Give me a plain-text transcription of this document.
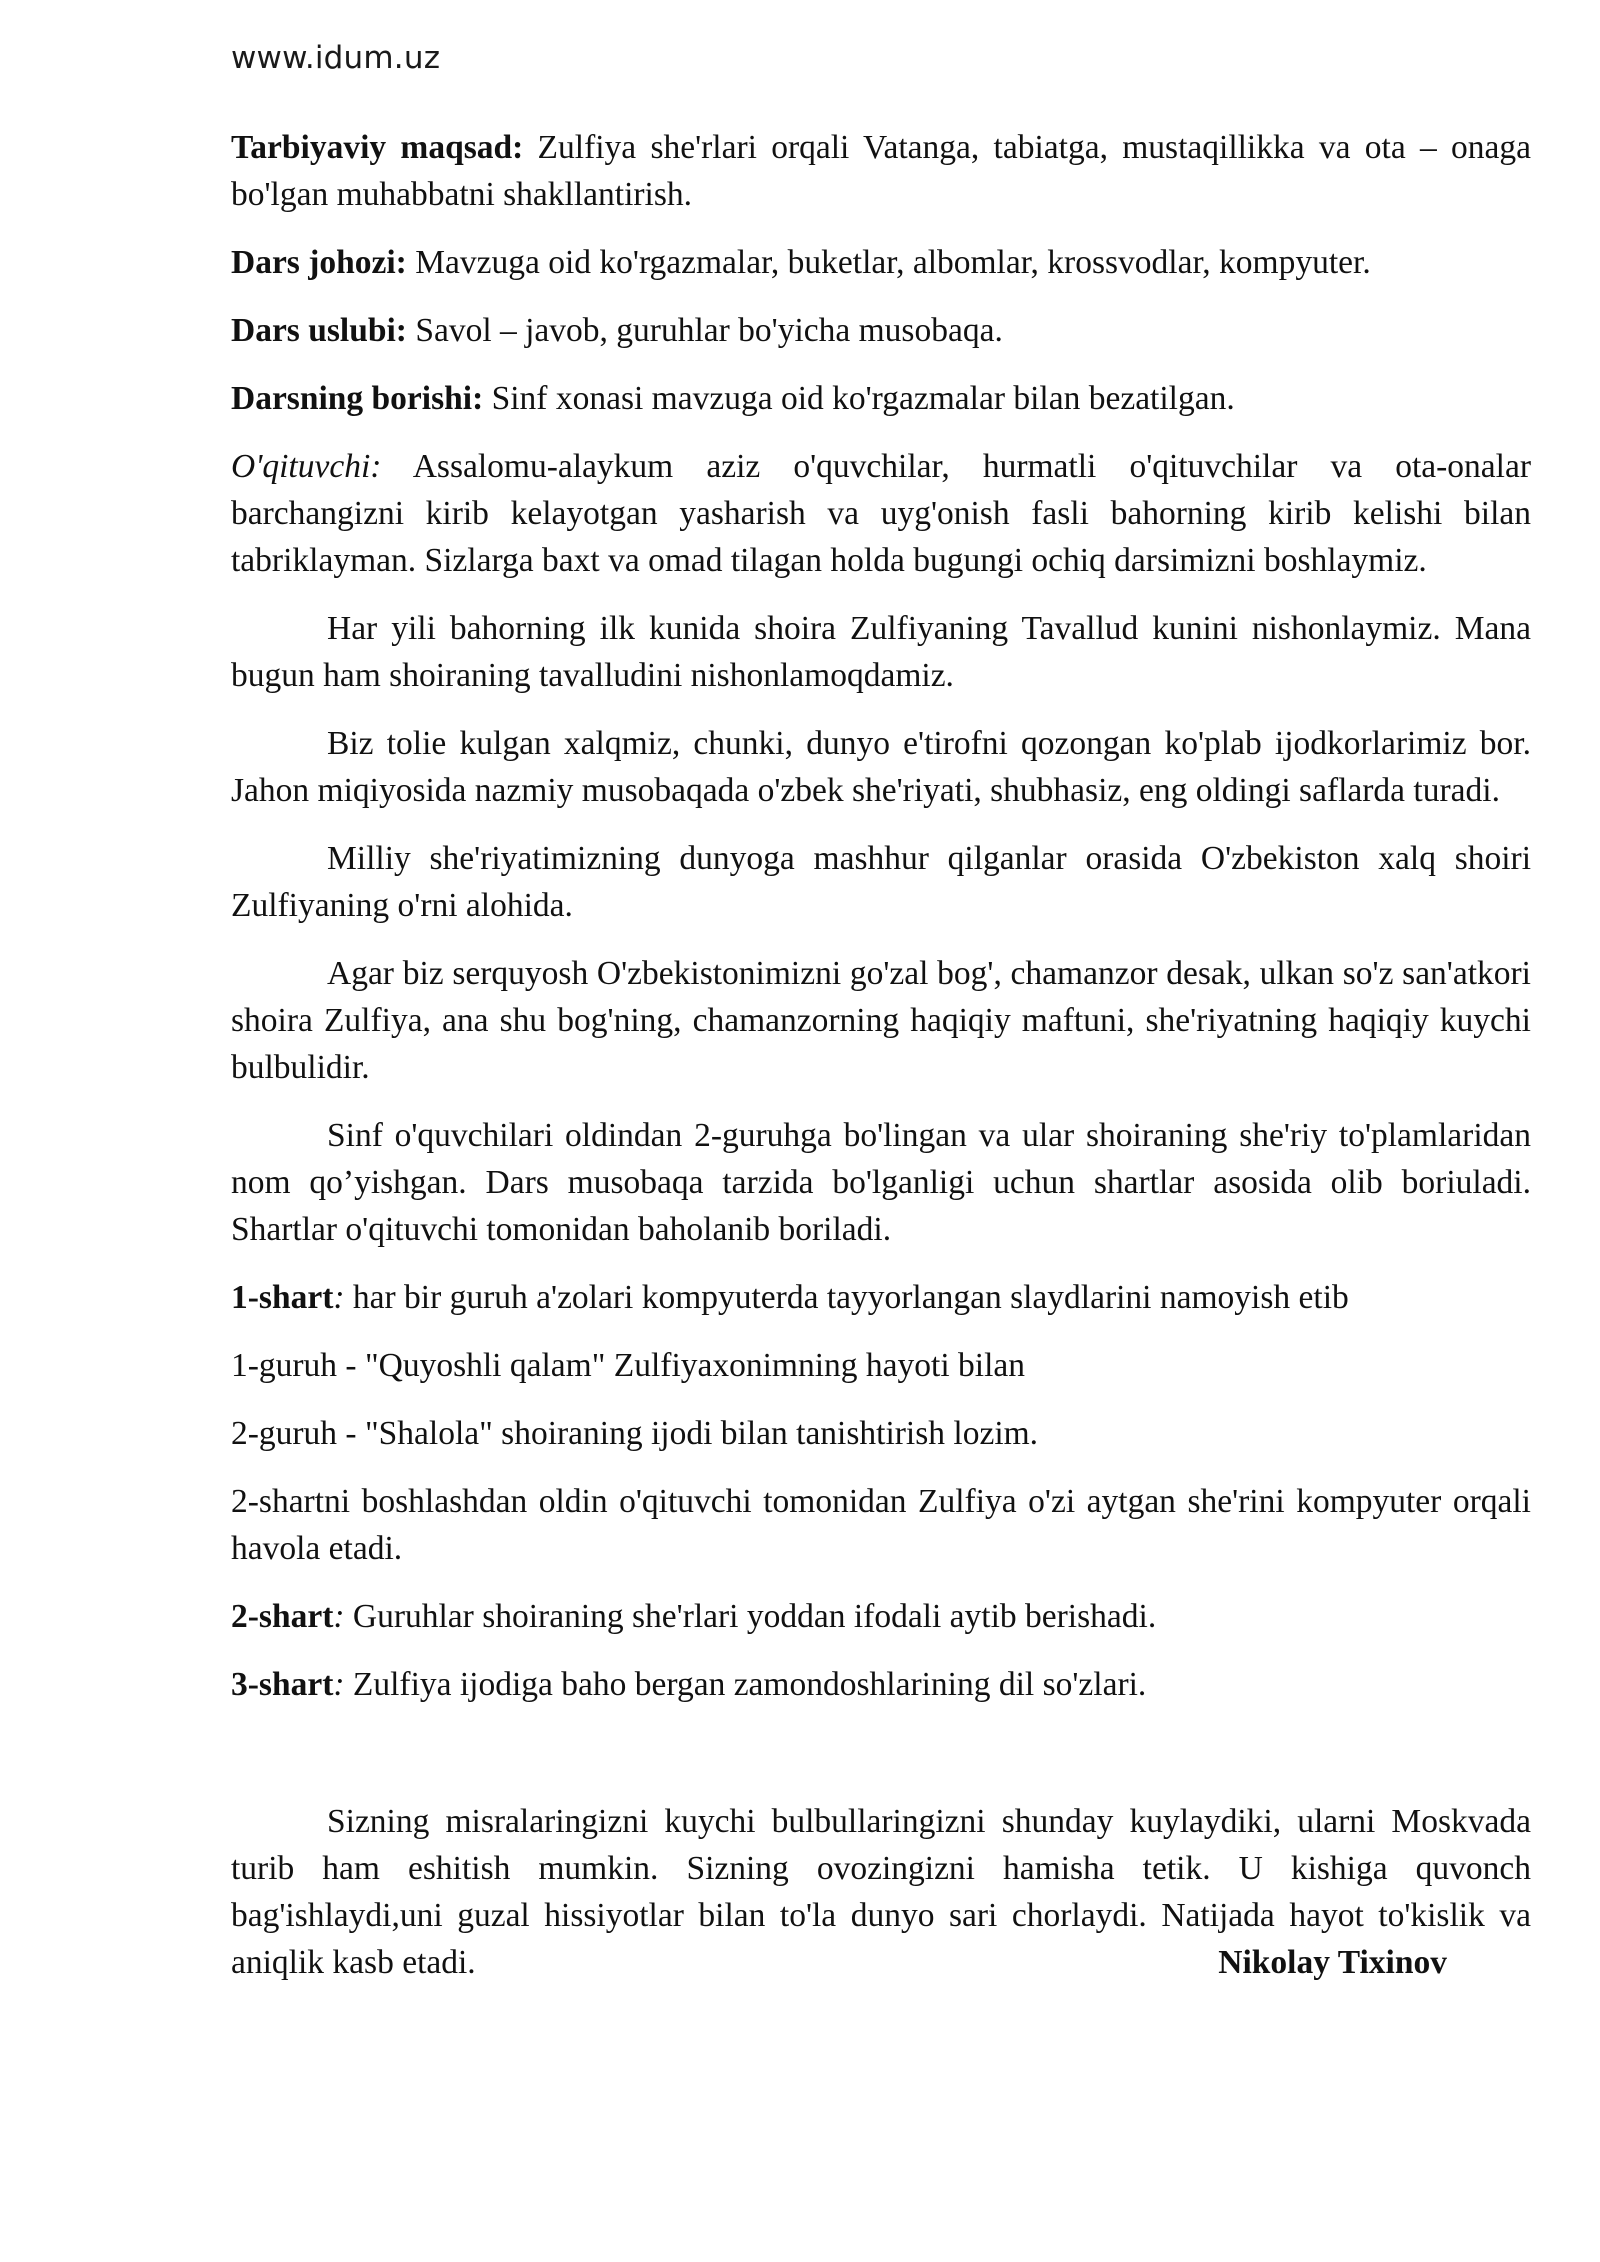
www.idum.uz

Tarbiyaviy maqsad: Zulfiya she'rlari orqali Vatanga, tabiatga, mustaqillikka va ota – onaga bo'lgan muhabbatni shakllantirish.

Dars johozi: Mavzuga oid ko'rgazmalar, buketlar, albomlar, krossvodlar, kompyuter.

Dars uslubi: Savol – javob, guruhlar bo'yicha musobaqa.

Darsning borishi: Sinf xonasi mavzuga oid ko'rgazmalar bilan bezatilgan.

O'qituvchi: Assalomu-alaykum aziz o'quvchilar, hurmatli o'qituvchilar va ota-onalar barchangizni kirib kelayotgan yasharish va uyg'onish fasli bahorning kirib kelishi bilan tabriklayman. Sizlarga baxt va omad tilagan holda bugungi ochiq darsimizni boshlaymiz.

Har yili bahorning ilk kunida shoira Zulfiyaning Tavallud kunini nishonlaymiz. Mana bugun ham shoiraning tavalludini nishonlamoqdamiz.

Biz tolie kulgan xalqmiz, chunki, dunyo e'tirofni qozongan ko'plab ijodkorlarimiz bor. Jahon miqiyosida nazmiy musobaqada o'zbek she'riyati, shubhasiz, eng oldingi saflarda turadi.

Milliy she'riyatimizning dunyoga mashhur qilganlar orasida O'zbekiston xalq shoiri Zulfiyaning o'rni alohida.

Agar biz serquyosh O'zbekistonimizni go'zal bog', chamanzor desak, ulkan so'z san'atkori shoira Zulfiya, ana shu bog'ning, chamanzorning haqiqiy maftuni, she'riyatning haqiqiy kuychi bulbulidir.

Sinf o'quvchilari oldindan 2-guruhga bo'lingan va ular shoiraning she'riy to'plamlaridan nom qo’yishgan. Dars musobaqa tarzida bo'lganligi uchun shartlar asosida olib boriuladi. Shartlar o'qituvchi tomonidan baholanib boriladi.

1-shart: har bir guruh a'zolari kompyuterda tayyorlangan slaydlarini namoyish etib

1-guruh - "Quyoshli qalam" Zulfiyaxonimning hayoti bilan

2-guruh - "Shalola" shoiraning ijodi bilan tanishtirish lozim.

2-shartni boshlashdan oldin o'qituvchi tomonidan Zulfiya o'zi aytgan she'rini kompyuter orqali havola etadi.

2-shart: Guruhlar shoiraning she'rlari yoddan ifodali aytib berishadi.

3-shart: Zulfiya ijodiga baho bergan zamondoshlarining dil so'zlari.

Sizning misralaringizni kuychi bulbullaringizni shunday kuylaydiki, ularni Moskvada turib ham eshitish mumkin. Sizning ovozingizni hamisha tetik. U kishiga quvonch bag'ishlaydi,uni guzal hissiyotlar bilan to'la dunyo sari chorlaydi. Natijada hayot to'kislik va aniqlik kasb etadi.	Nikolay Tixinov
